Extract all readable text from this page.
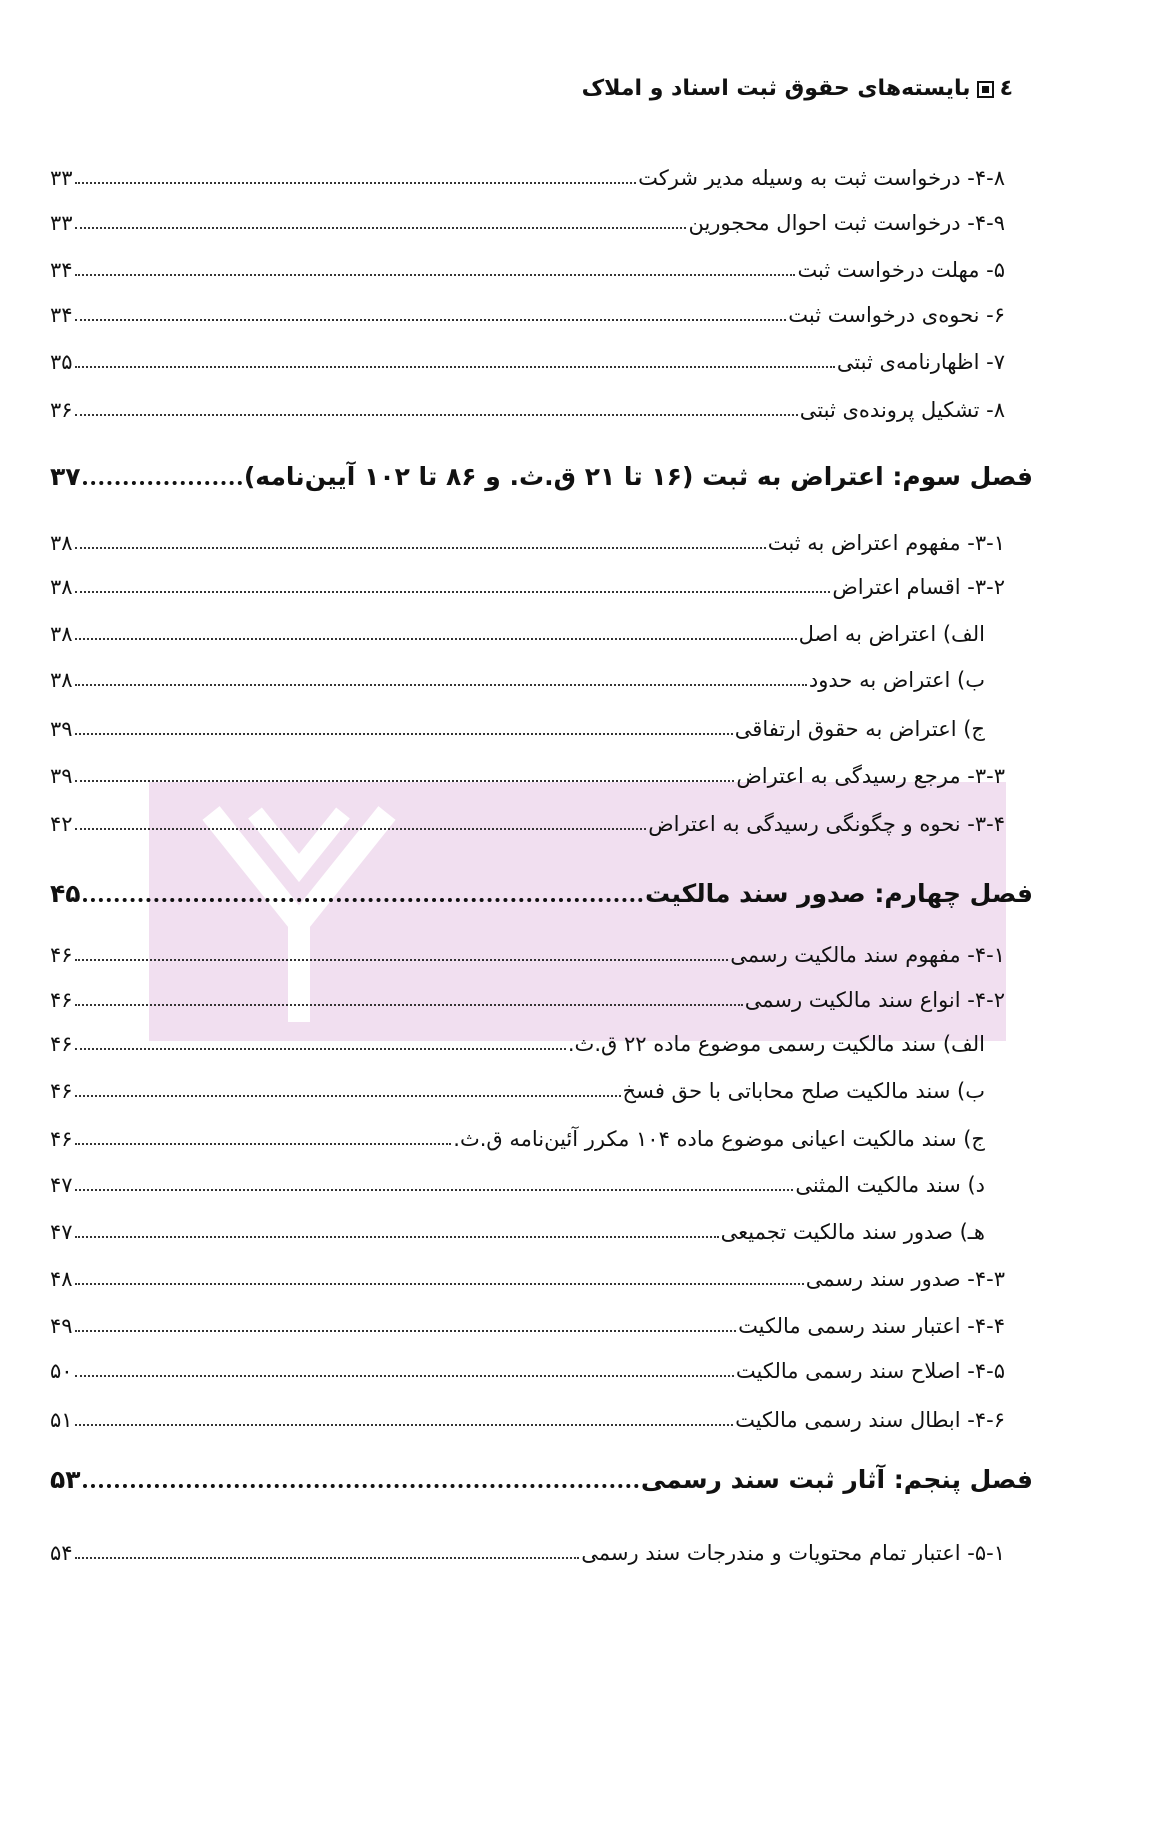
٤بایسته‌های حقوق ثبت اسناد و املاک
۴-۸- درخواست ثبت به وسیله مدیر شرکت
۳۳
۴-۹- درخواست ثبت احوال محجورین
۳۳
۵- مهلت درخواست ثبت
۳۴
۶- نحوه‌ی درخواست ثبت
۳۴
۷- اظهارنامه‌ی ثبتی
۳۵
۸- تشکیل پرونده‌ی ثبتی
۳۶
فصل سوم: اعتراض به ثبت (۱۶ تا ۲۱ ق.ث. و ۸۶ تا ۱۰۲ آیین‌نامه)
۳۷
۳-۱- مفهوم اعتراض به ثبت
۳۸
۳-۲- اقسام اعتراض
۳۸
الف) اعتراض به اصل
۳۸
ب) اعتراض به حدود
۳۸
ج) اعتراض به حقوق ارتفاقی
۳۹
۳-۳- مرجع رسیدگی به اعتراض
۳۹
۳-۴- نحوه و چگونگی رسیدگی به اعتراض
۴۲
فصل چهارم: صدور سند مالکیت
۴۵
۴-۱- مفهوم سند مالکیت رسمی
۴۶
۴-۲- انواع سند مالکیت رسمی
۴۶
الف) سند مالکیت رسمی موضوع ماده ۲۲ ق.ث.
۴۶
ب) سند مالکیت صلح محاباتی با حق فسخ
۴۶
ج) سند مالکیت اعیانی موضوع ماده ۱۰۴ مکرر آئین‌نامه ق.ث.
۴۶
د) سند مالکیت المثنی
۴۷
هـ) صدور سند مالکیت تجمیعی
۴۷
۴-۳- صدور سند رسمی
۴۸
۴-۴- اعتبار سند رسمی مالکیت
۴۹
۴-۵- اصلاح سند رسمی مالکیت
۵۰
۴-۶- ابطال سند رسمی مالکیت
۵۱
فصل پنجم: آثار ثبت سند رسمی
۵۳
۵-۱- اعتبار تمام محتویات و مندرجات سند رسمی
۵۴
